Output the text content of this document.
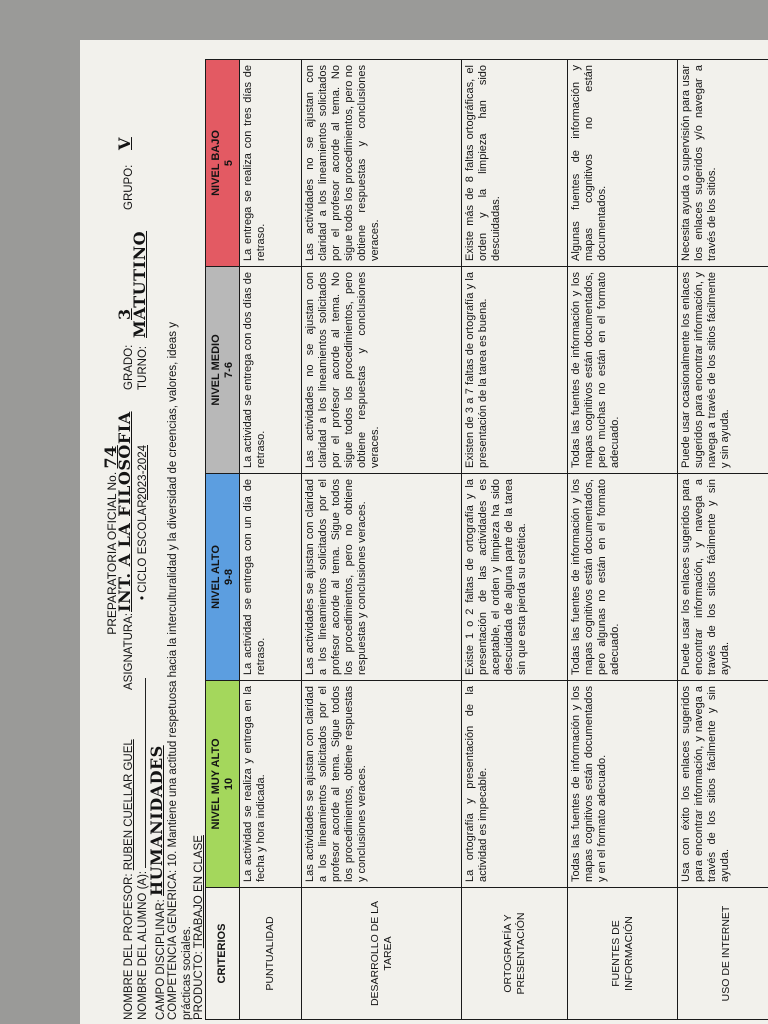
PREPARATORIA OFICIAL No. 74
NOMBRE DEL PROFESOR: RUBEN CUELLAR GUEL
ASIGNATURA:
INT. A LA FILOSOFIA
GRADO:
3
GRUPO:
V
NOMBRE DEL ALUMNO (A):
• CICLO ESCOLAR:
2023-2024
TURNO:
MATUTINO
CAMPO DISCIPLINAR: HUMANIDADES
COMPETENCIA GENERICA: 10. Mantiene una actitud respetuosa hacia la interculturalidad y la diversidad de creencias, valores, ideas y
prácticas sociales.
PRODUCTO: TRABAJO EN CLASE
CRITERIOS	NIVEL MUY ALTO 10	NIVEL ALTO 9-8	NIVEL MEDIO 7-6	NIVEL BAJO 5

PUNTUALIDAD	La actividad se realiza y entrega en la fecha y hora indicada.	La actividad se entrega con un día de retraso.	La actividad se entrega con dos días de retraso.	La entrega se realiza con tres días de retraso.
DESARROLLO DE LA TAREA	Las actividades se ajustan con claridad a los lineamientos solicitados por el profesor acorde al tema. Sigue todos los procedimientos, obtiene respuestas y conclusiones veraces.	Las actividades se ajustan con claridad a los lineamientos solicitados por el profesor acorde al tema. Sigue todos los procedimientos, pero no obtiene respuestas y conclusiones veraces.	Las actividades no se ajustan con claridad a los lineamientos solicitados por el profesor acorde al tema. No sigue todos los procedimientos, pero obtiene respuestas y conclusiones veraces.	Las actividades no se ajustan con claridad a los lineamientos solicitados por el profesor acorde al tema. No sigue todos los procedimientos, pero no obtiene respuestas y conclusiones veraces.
ORTOGRAFÍA Y PRESENTACIÓN	La ortografía y presentación de la actividad es impecable.	Existe 1 o 2 faltas de ortografía y la presentación de las actividades es aceptable, el orden y limpieza ha sido descuidada de alguna parte de la tarea sin que esta pierda su estética.	Existen de 3 a 7 faltas de ortografía y la presentación de la tarea es buena.	Existe más de 8 faltas ortográficas, el orden y la limpieza han sido descuidadas.
FUENTES DE INFORMACIÓN	Todas las fuentes de información y los mapas cognitivos están documentados y en el formato adecuado.	Todas las fuentes de información y los mapas cognitivos están documentados, pero algunas no están en el formato adecuado.	Todas las fuentes de información y los mapas cognitivos están documentados, pero muchas no están en el formato adecuado.	Algunas fuentes de información y mapas cognitivos no están documentados.
USO DE INTERNET	Usa con éxito los enlaces sugeridos para encontrar información, y navega a través de los sitios fácilmente y sin ayuda.	Puede usar los enlaces sugeridos para encontrar información, y navega a través de los sitios fácilmente y sin ayuda.	Puede usar ocasionalmente los enlaces sugeridos para encontrar información, y navega a través de los sitios fácilmente y sin ayuda.	Necesita ayuda o supervisión para usar los enlaces sugeridos y/o navegar a través de los sitios.
